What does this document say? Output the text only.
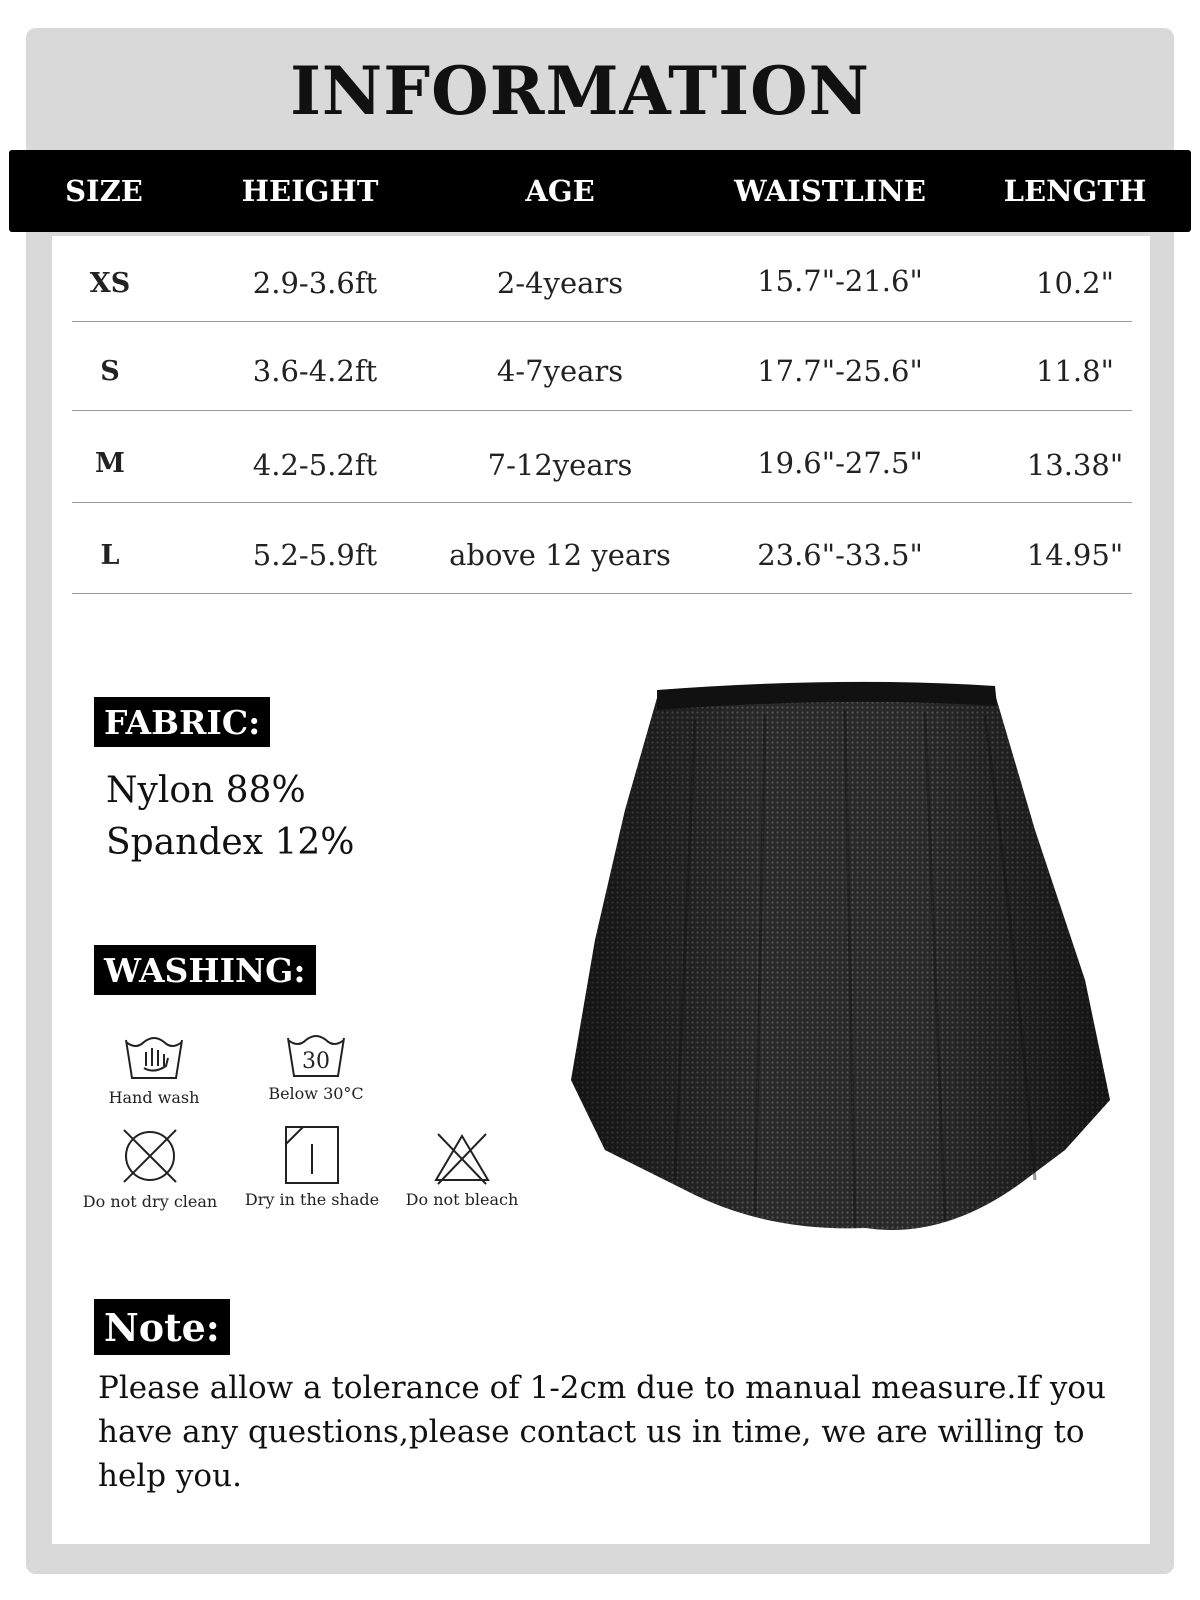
INFORMATION
SIZE	HEIGHT	AGE	WAISTLINE	LENGTH
XS	2.9-3.6ft	2-4years	15.7"-21.6"	10.2"
S	3.6-4.2ft	4-7years	17.7"-25.6"	11.8"
M	4.2-5.2ft	7-12years	19.6"-27.5"	13.38"
L	5.2-5.9ft	above 12 years	23.6"-33.5"	14.95"
FABRIC:
Nylon 88%
Spandex 12%
WASHING:
Hand wash
30
Below 30°C
Do not dry clean	Dry in the shade	Do not bleach
Note:
Please allow a tolerance of 1-2cm due to manual measure.If you have any questions,please contact us in time, we are willing to help you.
